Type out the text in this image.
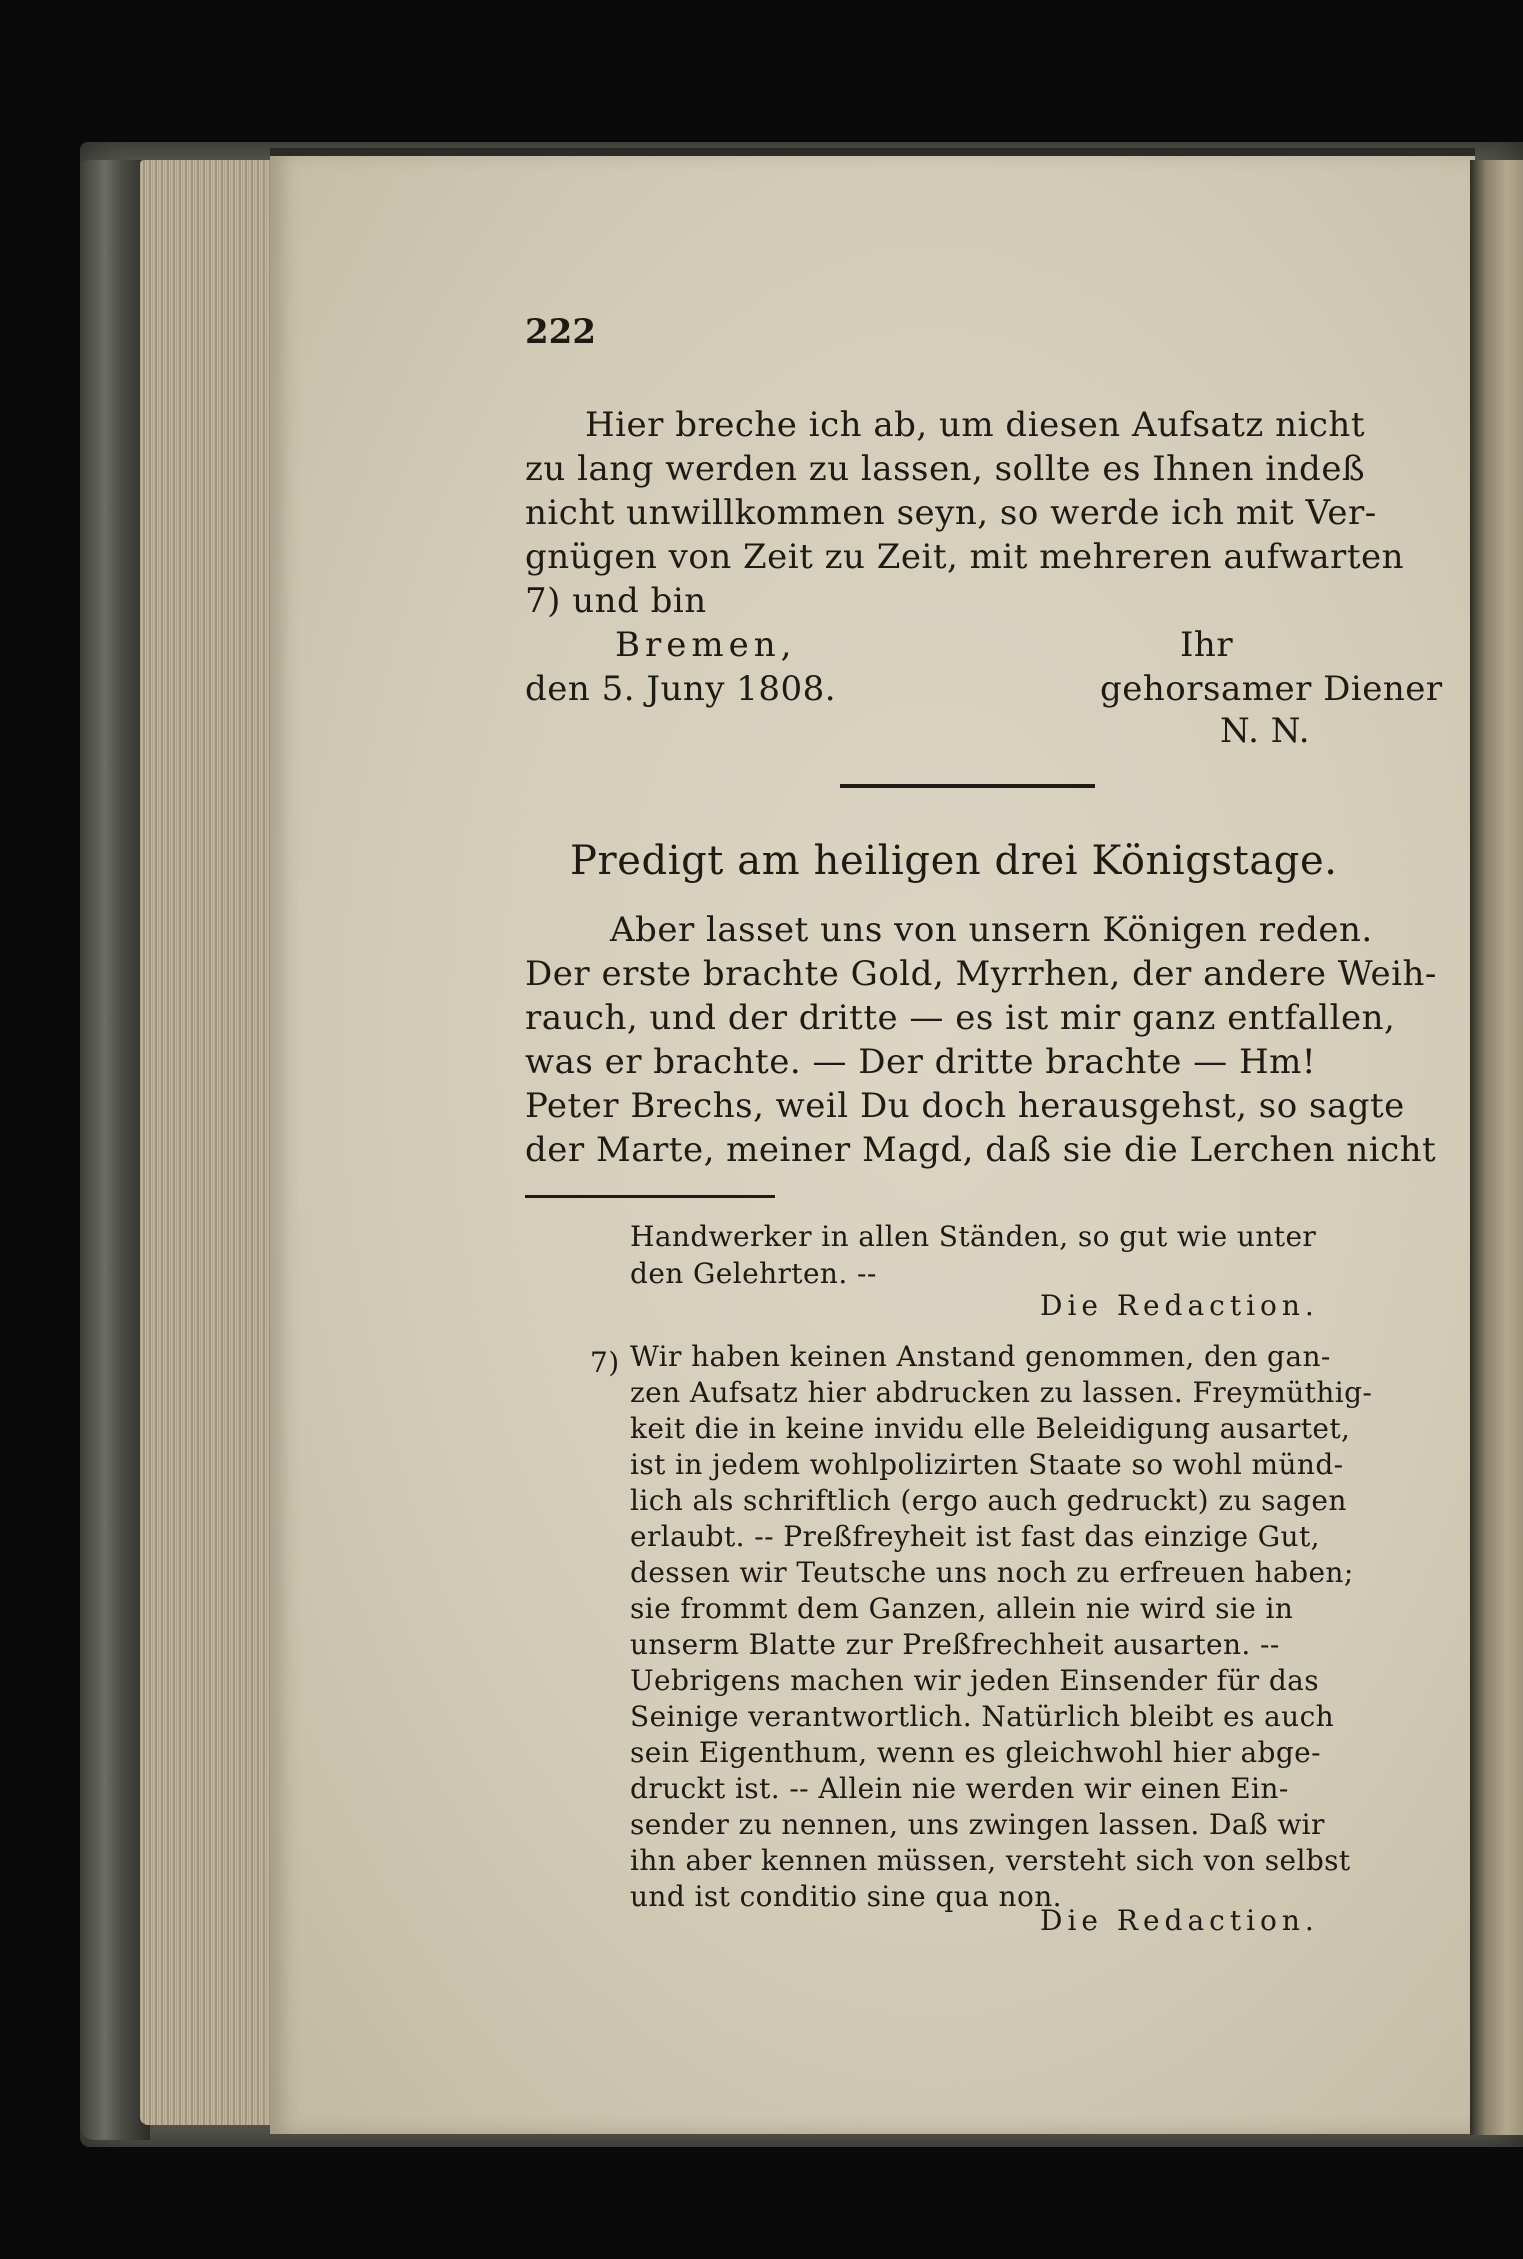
222
Hier breche ich ab, um diesen Aufsatz nicht
zu lang werden zu lassen, sollte es Ihnen indeß
nicht unwillkommen seyn, so werde ich mit Ver-
gnügen von Zeit zu Zeit, mit mehreren aufwarten
7) und bin
Bremen,
den 5. Juny 1808.
Ihr
gehorsamer Diener
N. N.
Predigt am heiligen drei Königstage.
Aber lasset uns von unsern Königen reden.
Der erste brachte Gold, Myrrhen, der andere Weih-
rauch, und der dritte — es ist mir ganz entfallen,
was er brachte. — Der dritte brachte — Hm!
Peter Brechs, weil Du doch herausgehst, so sagte
der Marte, meiner Magd, daß sie die Lerchen nicht
Handwerker in allen Ständen, so gut wie unter
den Gelehrten. --
Die Redaction.
7) Wir haben keinen Anstand genommen, den gan-
zen Aufsatz hier abdrucken zu lassen. Freymüthig-
keit die in keine invidu elle Beleidigung ausartet,
ist in jedem wohlpolizirten Staate so wohl münd-
lich als schriftlich (ergo auch gedruckt) zu sagen
erlaubt. -- Preßfreyheit ist fast das einzige Gut,
dessen wir Teutsche uns noch zu erfreuen haben;
sie frommt dem Ganzen, allein nie wird sie in
unserm Blatte zur Preßfrechheit ausarten. --
Uebrigens machen wir jeden Einsender für das
Seinige verantwortlich. Natürlich bleibt es auch
sein Eigenthum, wenn es gleichwohl hier abge-
druckt ist. -- Allein nie werden wir einen Ein-
sender zu nennen, uns zwingen lassen. Daß wir
ihn aber kennen müssen, versteht sich von selbst
und ist conditio sine qua non.
Die Redaction.
